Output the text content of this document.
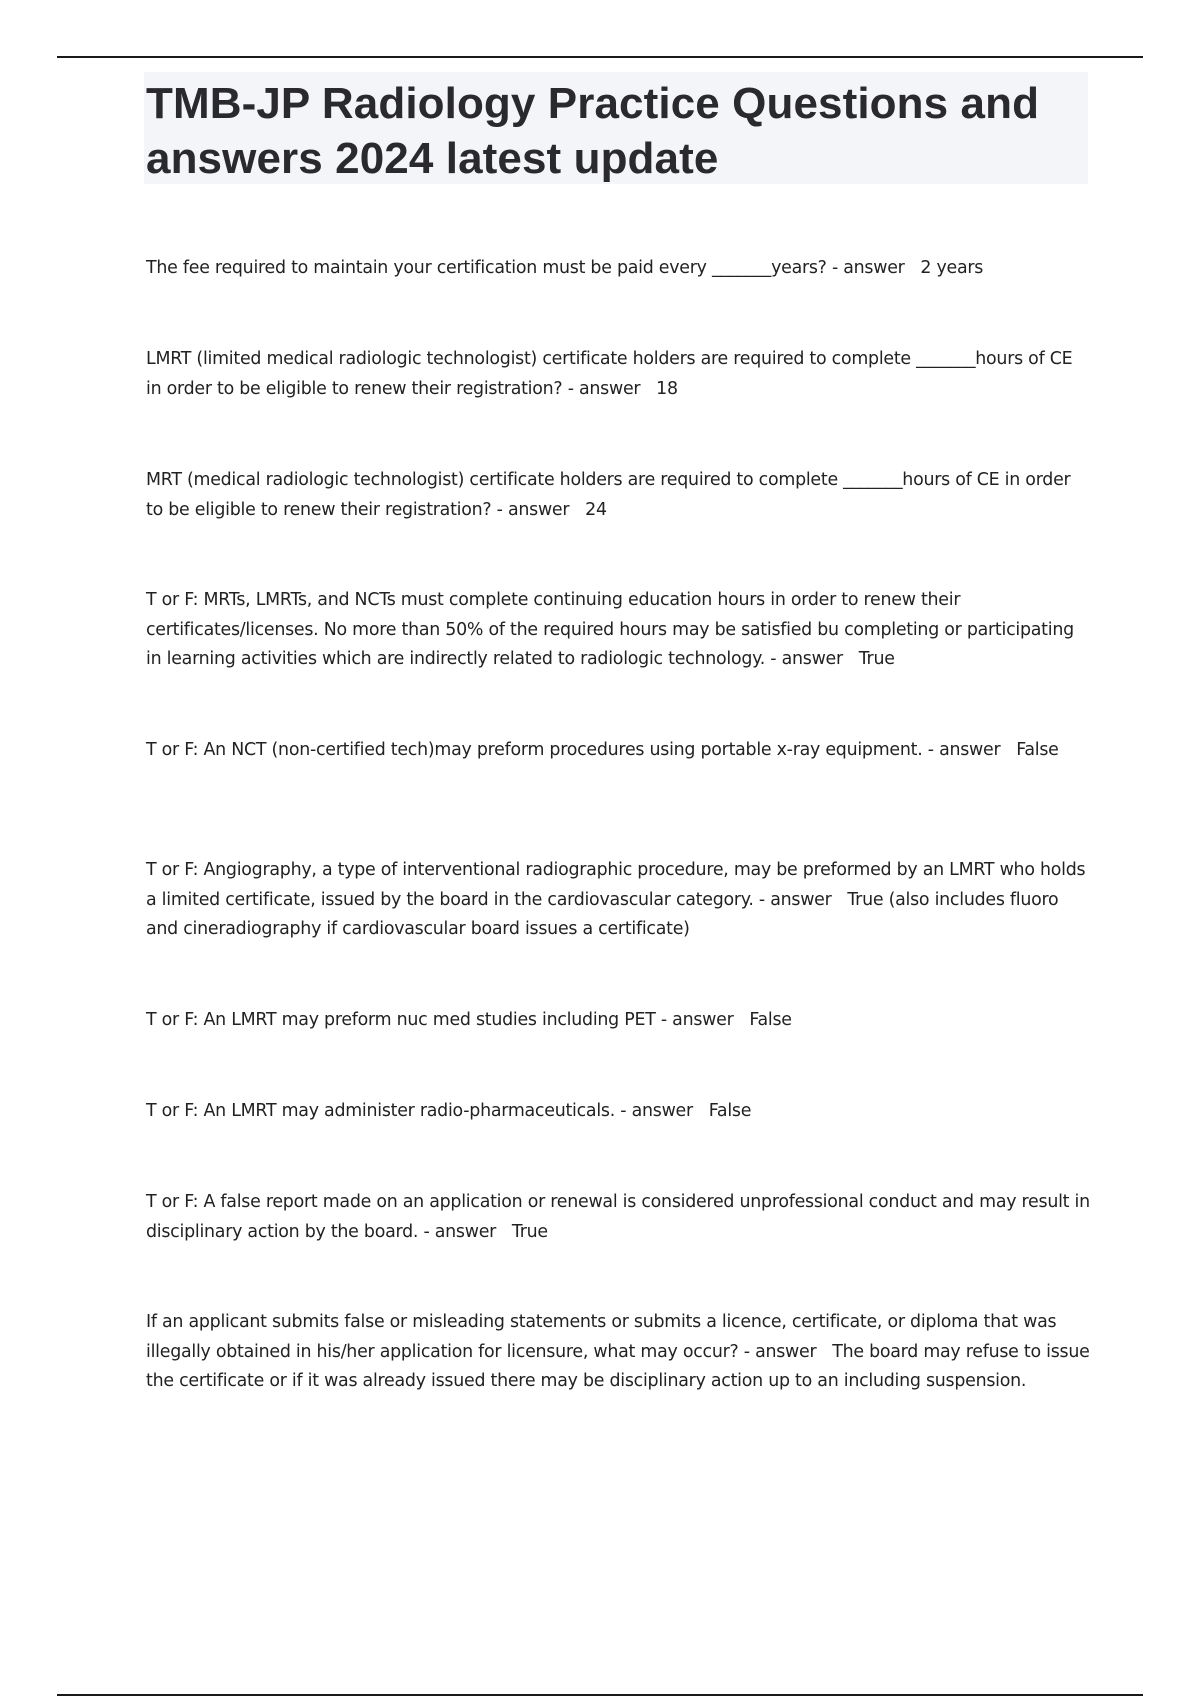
TMB-JP Radiology Practice Questions and answers 2024 latest update
The fee required to maintain your certification must be paid every _______years? - answer   2 years
LMRT (limited medical radiologic technologist) certificate holders are required to complete _______hours of CE in order to be eligible to renew their registration? - answer   18
MRT (medical radiologic technologist) certificate holders are required to complete _______hours of CE in order to be eligible to renew their registration? - answer   24
T or F: MRTs, LMRTs, and NCTs must complete continuing education hours in order to renew their certificates/licenses. No more than 50% of the required hours may be satisfied bu completing or participating in learning activities which are indirectly related to radiologic technology. - answer   True
T or F: An NCT (non-certified tech)may preform procedures using portable x-ray equipment. - answer   False
T or F: Angiography, a type of interventional radiographic procedure, may be preformed by an LMRT who holds a limited certificate, issued by the board in the cardiovascular category. - answer   True (also includes fluoro and cineradiography if cardiovascular board issues a certificate)
T or F: An LMRT may preform nuc med studies including PET - answer   False
T or F: An LMRT may administer radio-pharmaceuticals. - answer   False
T or F: A false report made on an application or renewal is considered unprofessional conduct and may result in disciplinary action by the board. - answer   True
If an applicant submits false or misleading statements or submits a licence, certificate, or diploma that was illegally obtained in his/her application for licensure, what may occur? - answer   The board may refuse to issue the certificate or if it was already issued there may be disciplinary action up to an including suspension.
